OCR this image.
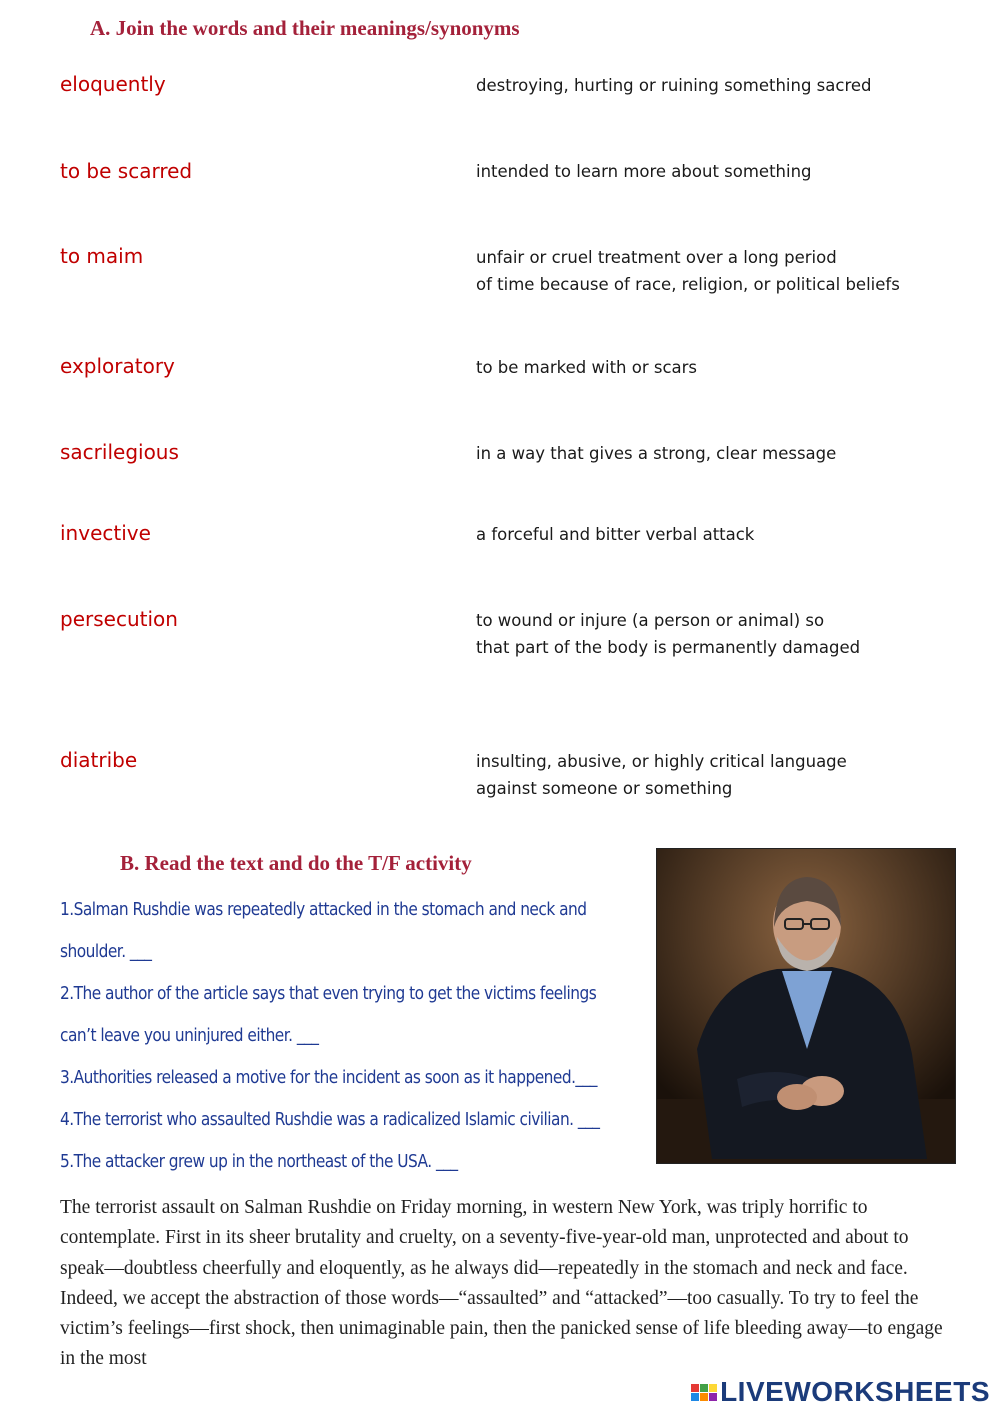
A. Join the words and their meanings/synonyms
eloquently
to be scarred
to maim
exploratory
sacrilegious
invective
persecution
diatribe
destroying, hurting or ruining something sacred
intended to learn more about something
unfair or cruel treatment over a long period
of time because of race, religion, or political beliefs
to be marked with or scars
in a way that gives a strong, clear message
a forceful and bitter verbal attack
to wound or injure (a person or animal) so
that part of the body is permanently damaged
insulting, abusive, or highly critical language
against someone or something
B. Read the text and do the T/F activity
1.Salman Rushdie was repeatedly attacked in the stomach and neck and
shoulder. ___
2.The author of the article says that even trying to get the victims feelings
can’t leave you uninjured either. ___
3.Authorities released a motive for the incident as soon as it happened.___
4.The terrorist who assaulted Rushdie was a radicalized Islamic civilian. ___
5.The attacker grew up in the northeast of the USA. ___
The terrorist assault on Salman Rushdie on Friday morning, in western New York, was triply horrific to contemplate. First in its sheer brutality and cruelty, on a seventy-five-year-old man, unprotected and about to speak—doubtless cheerfully and eloquently, as he always did—repeatedly in the stomach and neck and face. Indeed, we accept the abstraction of those words—“assaulted” and “attacked”—too casually. To try to feel the victim’s feelings—first shock, then unimaginable pain, then the panicked sense of life bleeding away—to engage in the most
LIVEWORKSHEETS
